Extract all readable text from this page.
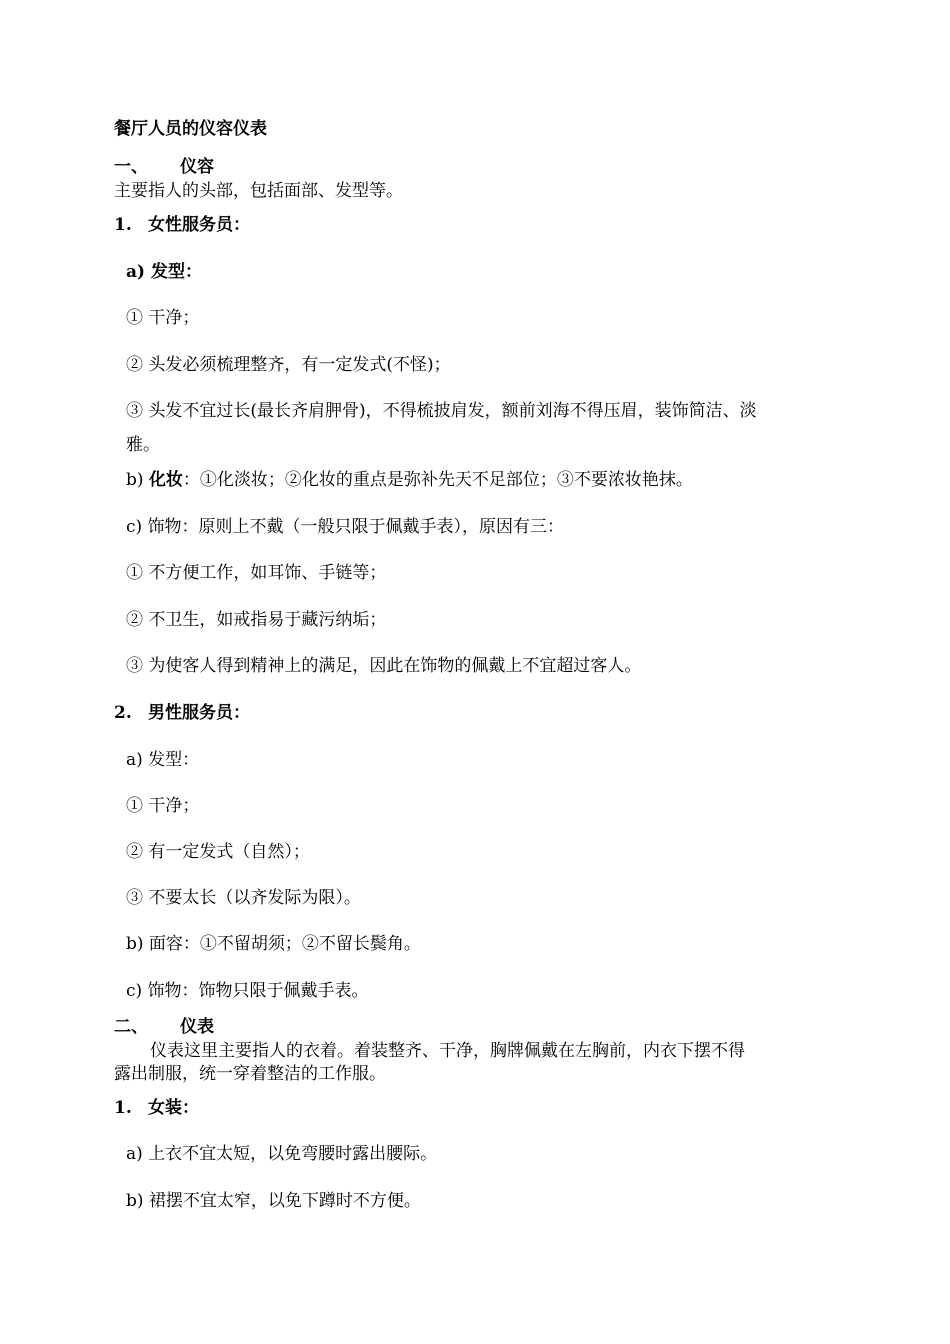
餐厅人员的仪容仪表
一、 仪容
主要指人的头部，包括面部、发型等。
1. 女性服务员：
a) 发型：
① 干净；
② 头发必须梳理整齐，有一定发式(不怪)；
③ 头发不宜过长(最长齐肩胛骨)，不得梳披肩发，额前刘海不得压眉，装饰简洁、淡
雅。
b) 化妆：①化淡妆；②化妆的重点是弥补先天不足部位；③不要浓妆艳抹。
c) 饰物：原则上不戴（一般只限于佩戴手表），原因有三：
① 不方便工作，如耳饰、手链等；
② 不卫生，如戒指易于藏污纳垢；
③ 为使客人得到精神上的满足，因此在饰物的佩戴上不宜超过客人。
2. 男性服务员：
a) 发型：
① 干净；
② 有一定发式（自然）；
③ 不要太长（以齐发际为限）。
b) 面容：①不留胡须；②不留长鬓角。
c) 饰物：饰物只限于佩戴手表。
二、 仪表
仪表这里主要指人的衣着。着装整齐、干净，胸牌佩戴在左胸前，内衣下摆不得
露出制服，统一穿着整洁的工作服。
1. 女装：
a) 上衣不宜太短，以免弯腰时露出腰际。
b) 裙摆不宜太窄，以免下蹲时不方便。
